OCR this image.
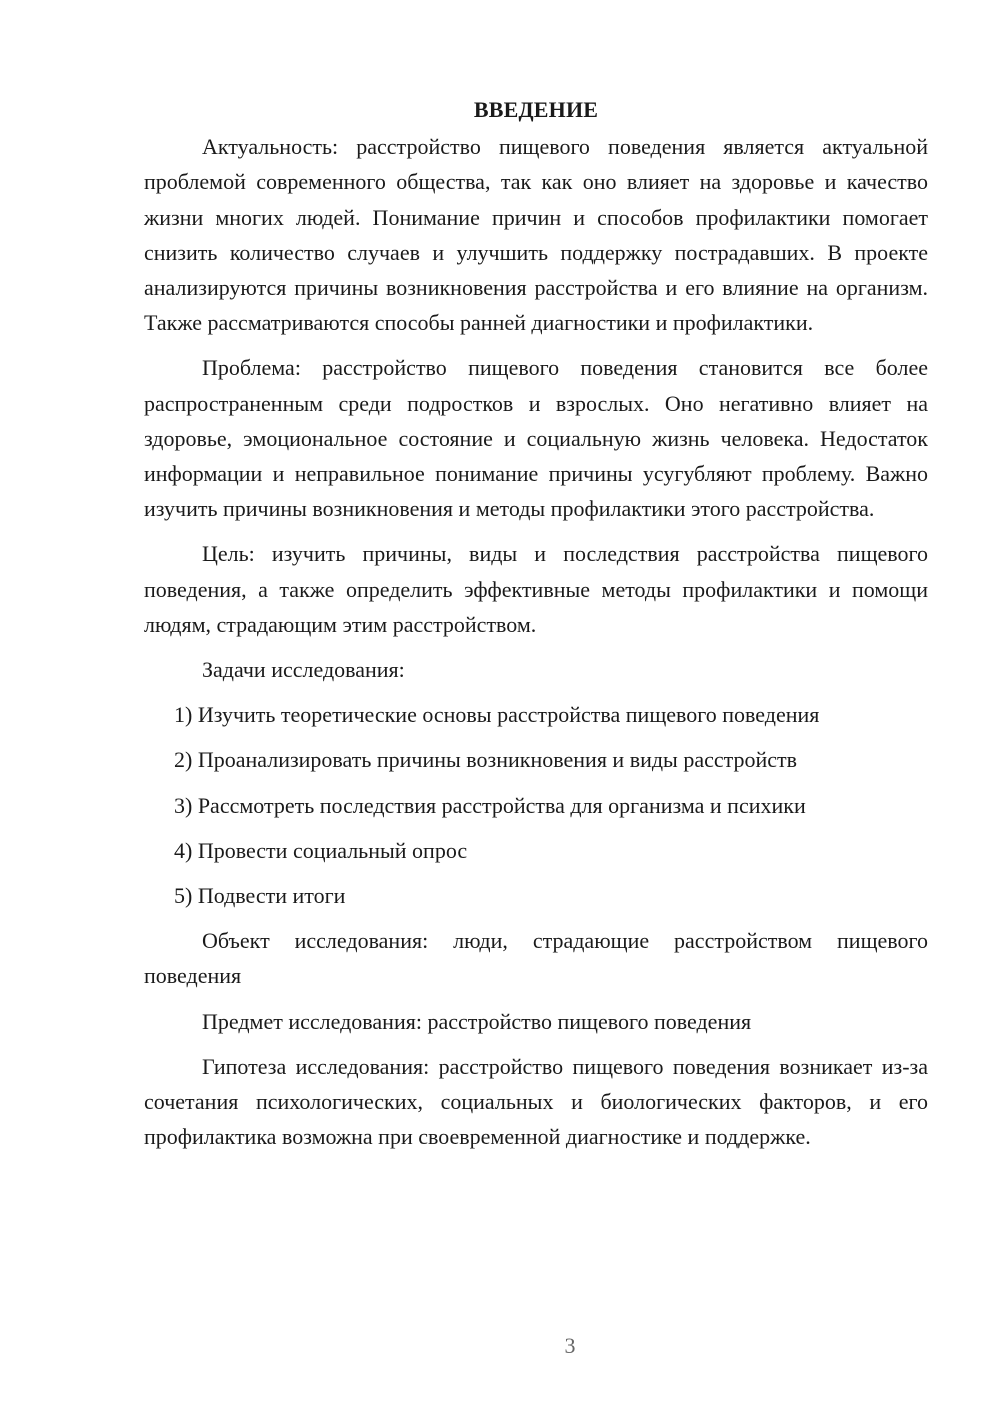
ВВЕДЕНИЕ

Актуальность: расстройство пищевого поведения является актуальной проблемой современного общества, так как оно влияет на здоровье и качество жизни многих людей. Понимание причин и способов профилактики помогает снизить количество случаев и улучшить поддержку пострадавших. В проекте анализируются причины возникновения расстройства и его влияние на организм. Также рассматриваются способы ранней диагностики и профилактики.

Проблема: расстройство пищевого поведения становится все более распространенным среди подростков и взрослых. Оно негативно влияет на здоровье, эмоциональное состояние и социальную жизнь человека. Недостаток информации и неправильное понимание причины усугубляют проблему. Важно изучить причины возникновения и методы профилактики этого расстройства.

Цель: изучить причины, виды и последствия расстройства пищевого поведения, а также определить эффективные методы профилактики и помощи людям, страдающим этим расстройством.

Задачи исследования:

1) Изучить теоретические основы расстройства пищевого поведения
2) Проанализировать причины возникновения и виды расстройств
3) Рассмотреть последствия расстройства для организма и психики
4) Провести социальный опрос
5) Подвести итоги

Объект исследования: люди, страдающие расстройством пищевого поведения

Предмет исследования: расстройство пищевого поведения

Гипотеза исследования: расстройство пищевого поведения возникает из-за сочетания психологических, социальных и биологических факторов, и его профилактика возможна при своевременной диагностике и поддержке.

3
